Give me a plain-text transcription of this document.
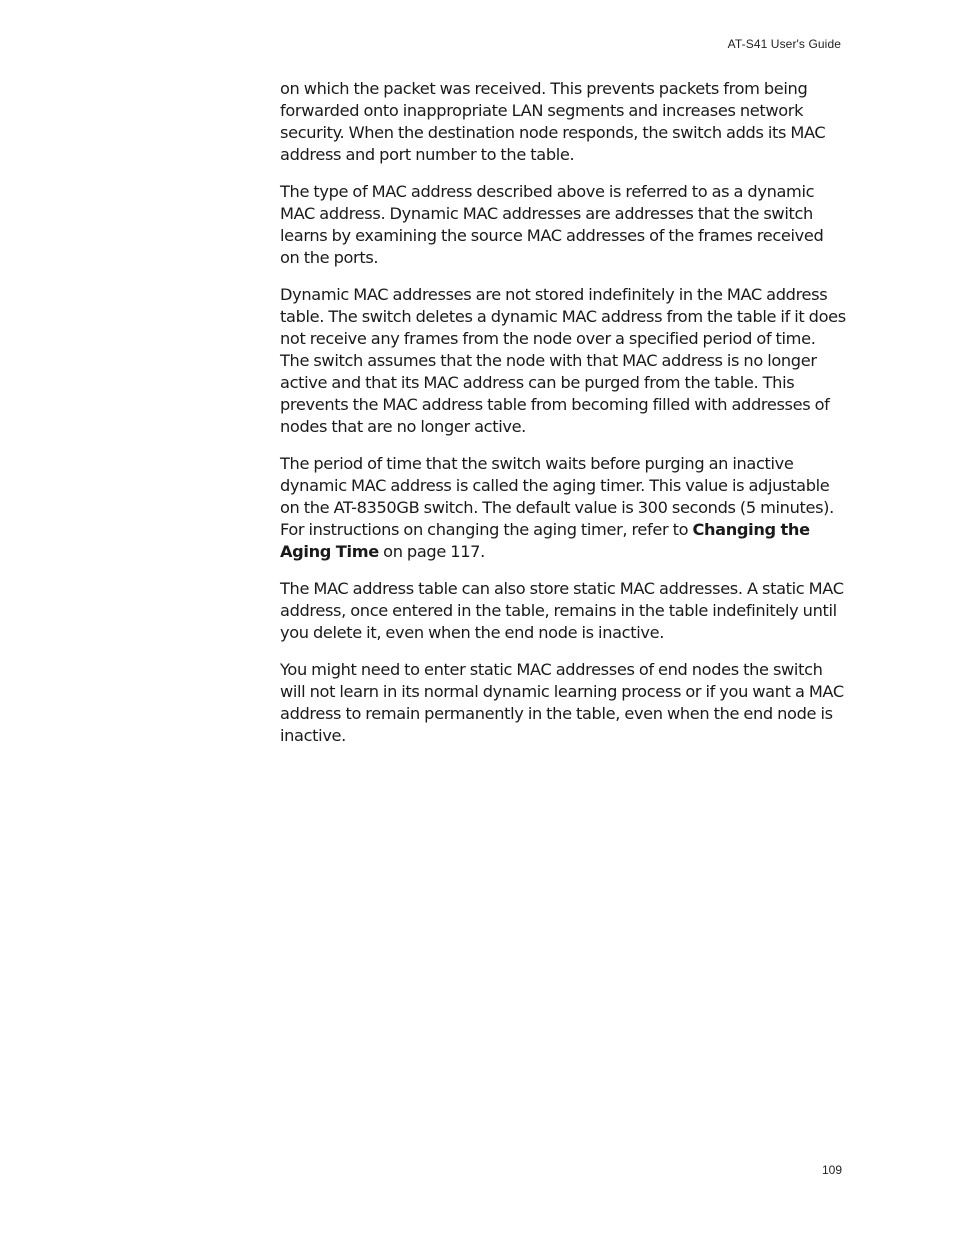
AT-S41 User's Guide

on which the packet was received. This prevents packets from being forwarded onto inappropriate LAN segments and increases network security. When the destination node responds, the switch adds its MAC address and port number to the table.

The type of MAC address described above is referred to as a dynamic MAC address. Dynamic MAC addresses are addresses that the switch learns by examining the source MAC addresses of the frames received on the ports.

Dynamic MAC addresses are not stored indefinitely in the MAC address table. The switch deletes a dynamic MAC address from the table if it does not receive any frames from the node over a specified period of time. The switch assumes that the node with that MAC address is no longer active and that its MAC address can be purged from the table. This prevents the MAC address table from becoming filled with addresses of nodes that are no longer active.

The period of time that the switch waits before purging an inactive dynamic MAC address is called the aging timer. This value is adjustable on the AT-8350GB switch. The default value is 300 seconds (5 minutes). For instructions on changing the aging timer, refer to Changing the Aging Time on page 117.

The MAC address table can also store static MAC addresses. A static MAC address, once entered in the table, remains in the table indefinitely until you delete it, even when the end node is inactive.

You might need to enter static MAC addresses of end nodes the switch will not learn in its normal dynamic learning process or if you want a MAC address to remain permanently in the table, even when the end node is inactive.

109
